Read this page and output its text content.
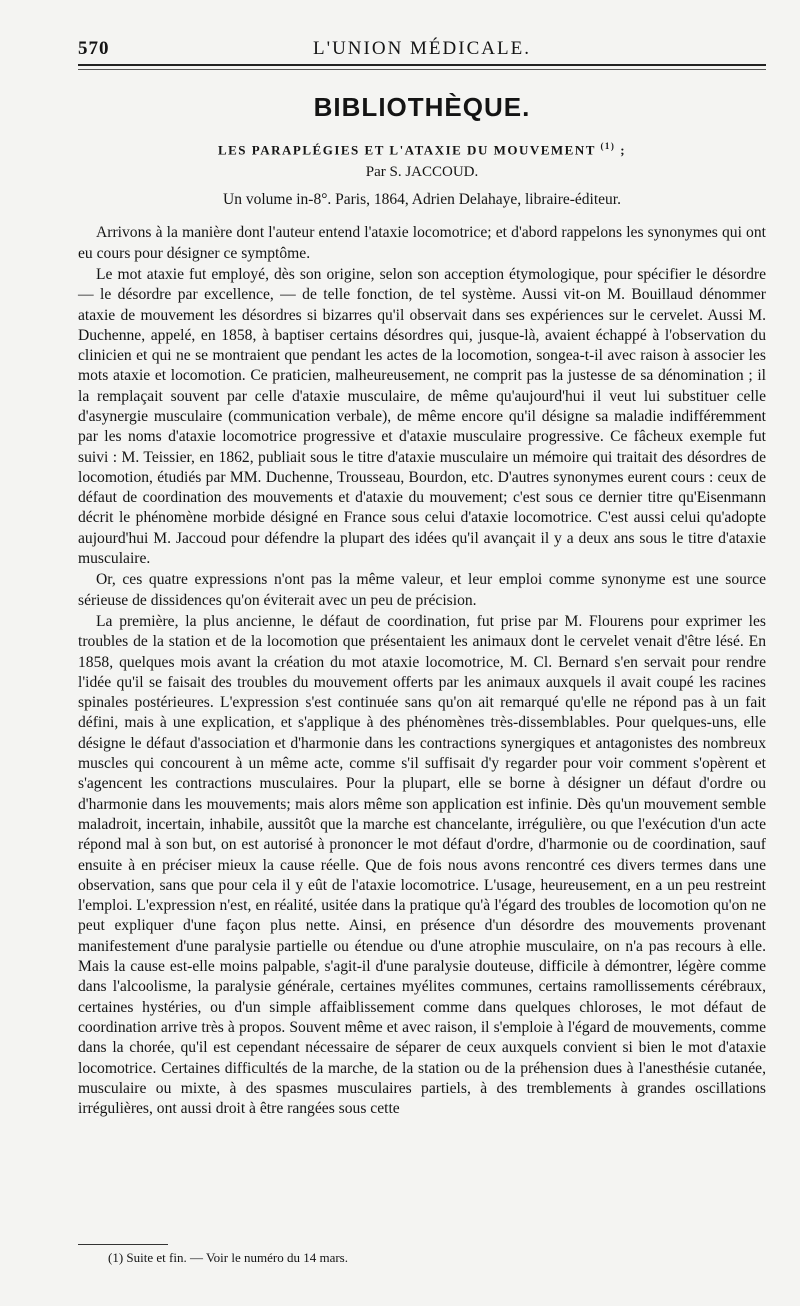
570	L'UNION MÉDICALE.
BIBLIOTHÈQUE.
LES PARAPLÉGIES ET L'ATAXIE DU MOUVEMENT $^{(1)}$ ;
Par S. JACCOUD.
Un volume in-8°. Paris, 1864, Adrien Delahaye, libraire-éditeur.

Arrivons à la manière dont l'auteur entend l'ataxie locomotrice; et d'abord rappelons les synonymes qui ont eu cours pour désigner ce symptôme.

Le mot ataxie fut employé, dès son origine, selon son acception étymologique, pour spécifier le désordre — le désordre par excellence, — de telle fonction, de tel système. Aussi vit-on M. Bouillaud dénommer ataxie de mouvement les désordres si bizarres qu'il observait dans ses expériences sur le cervelet. Aussi M. Duchenne, appelé, en 1858, à baptiser certains désordres qui, jusque-là, avaient échappé à l'observation du clinicien et qui ne se montraient que pendant les actes de la locomotion, songea-t-il avec raison à associer les mots ataxie et locomotion. Ce praticien, malheureusement, ne comprit pas la justesse de sa dénomination ; il la remplaçait souvent par celle d'ataxie musculaire, de même qu'aujourd'hui il veut lui substituer celle d'asynergie musculaire (communication verbale), de même encore qu'il désigne sa maladie indifféremment par les noms d'ataxie locomotrice progressive et d'ataxie musculaire progressive. Ce fâcheux exemple fut suivi : M. Teissier, en 1862, publiait sous le titre d'ataxie musculaire un mémoire qui traitait des désordres de locomotion, étudiés par MM. Duchenne, Trousseau, Bourdon, etc. D'autres synonymes eurent cours : ceux de défaut de coordination des mouvements et d'ataxie du mouvement; c'est sous ce dernier titre qu'Eisenmann décrit le phénomène morbide désigné en France sous celui d'ataxie locomotrice. C'est aussi celui qu'adopte aujourd'hui M. Jaccoud pour défendre la plupart des idées qu'il avançait il y a deux ans sous le titre d'ataxie musculaire.

Or, ces quatre expressions n'ont pas la même valeur, et leur emploi comme synonyme est une source sérieuse de dissidences qu'on éviterait avec un peu de précision.

La première, la plus ancienne, le défaut de coordination, fut prise par M. Flourens pour exprimer les troubles de la station et de la locomotion que présentaient les animaux dont le cervelet venait d'être lésé. En 1858, quelques mois avant la création du mot ataxie locomotrice, M. Cl. Bernard s'en servait pour rendre l'idée qu'il se faisait des troubles du mouvement offerts par les animaux auxquels il avait coupé les racines spinales postérieures. L'expression s'est continuée sans qu'on ait remarqué qu'elle ne répond pas à un fait défini, mais à une explication, et s'applique à des phénomènes très-dissemblables. Pour quelques-uns, elle désigne le défaut d'association et d'harmonie dans les contractions synergiques et antagonistes des nombreux muscles qui concourent à un même acte, comme s'il suffisait d'y regarder pour voir comment s'opèrent et s'agencent les contractions musculaires. Pour la plupart, elle se borne à désigner un défaut d'ordre ou d'harmonie dans les mouvements; mais alors même son application est infinie. Dès qu'un mouvement semble maladroit, incertain, inhabile, aussitôt que la marche est chancelante, irrégulière, ou que l'exécution d'un acte répond mal à son but, on est autorisé à prononcer le mot défaut d'ordre, d'harmonie ou de coordination, sauf ensuite à en préciser mieux la cause réelle. Que de fois nous avons rencontré ces divers termes dans une observation, sans que pour cela il y eût de l'ataxie locomotrice. L'usage, heureusement, en a un peu restreint l'emploi. L'expression n'est, en réalité, usitée dans la pratique qu'à l'égard des troubles de locomotion qu'on ne peut expliquer d'une façon plus nette. Ainsi, en présence d'un désordre des mouvements provenant manifestement d'une paralysie partielle ou étendue ou d'une atrophie musculaire, on n'a pas recours à elle. Mais la cause est-elle moins palpable, s'agit-il d'une paralysie douteuse, difficile à démontrer, légère comme dans l'alcoolisme, la paralysie générale, certaines myélites communes, certains ramollissements cérébraux, certaines hystéries, ou d'un simple affaiblissement comme dans quelques chloroses, le mot défaut de coordination arrive très à propos. Souvent même et avec raison, il s'emploie à l'égard de mouvements, comme dans la chorée, qu'il est cependant nécessaire de séparer de ceux auxquels convient si bien le mot d'ataxie locomotrice. Certaines difficultés de la marche, de la station ou de la préhension dues à l'anesthésie cutanée, musculaire ou mixte, à des spasmes musculaires partiels, à des tremblements à grandes oscillations irrégulières, ont aussi droit à être rangées sous cette

(1) Suite et fin. — Voir le numéro du 14 mars.
